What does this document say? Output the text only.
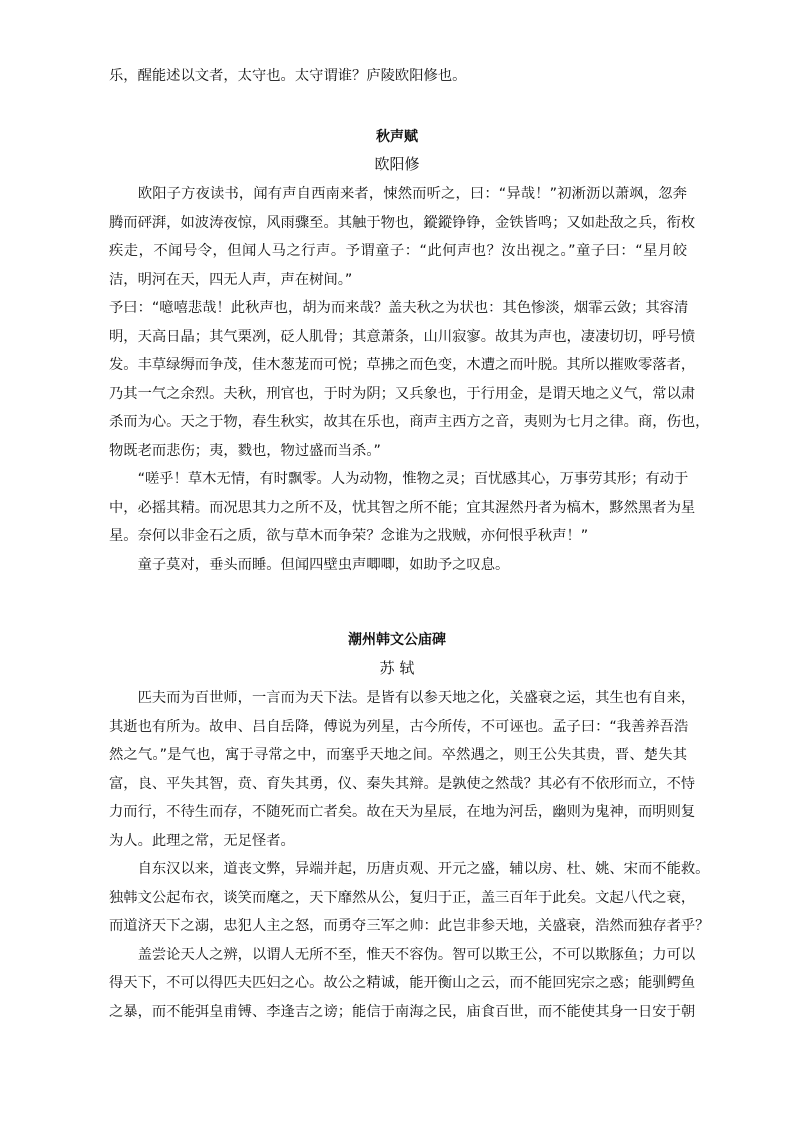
乐，醒能述以文者，太守也。太守谓谁？庐陵欧阳修也。
秋声赋
欧阳修
　　欧阳子方夜读书，闻有声自西南来者，悚然而听之，曰：“异哉！”初淅沥以萧飒，忽奔
腾而砰湃，如波涛夜惊，风雨骤至。其触于物也，鏦鏦铮铮，金铁皆鸣；又如赴敌之兵，衔枚
疾走，不闻号令，但闻人马之行声。予谓童子：“此何声也？汝出视之。”童子曰：“星月皎
洁，明河在天，四无人声，声在树间。”
予曰：“噫嘻悲哉！此秋声也，胡为而来哉？盖夫秋之为状也：其色惨淡，烟霏云敛；其容清
明，天高日晶；其气栗冽，砭人肌骨；其意萧条，山川寂寥。故其为声也，凄凄切切，呼号愤
发。丰草绿缛而争茂，佳木葱茏而可悦；草拂之而色变，木遭之而叶脱。其所以摧败零落者，
乃其一气之余烈。夫秋，刑官也，于时为阴；又兵象也，于行用金，是谓天地之义气，常以肃
杀而为心。天之于物，春生秋实，故其在乐也，商声主西方之音，夷则为七月之律。商，伤也，
物既老而悲伤；夷，戮也，物过盛而当杀。”
　　“嗟乎！草木无情，有时飘零。人为动物，惟物之灵；百忧感其心，万事劳其形；有动于
中，必摇其精。而况思其力之所不及，忧其智之所不能；宜其渥然丹者为槁木，黟然黑者为星
星。奈何以非金石之质，欲与草木而争荣？念谁为之戕贼，亦何恨乎秋声！”
　　童子莫对，垂头而睡。但闻四壁虫声唧唧，如助予之叹息。
潮州韩文公庙碑
苏 轼
　　匹夫而为百世师，一言而为天下法。是皆有以参天地之化，关盛衰之运，其生也有自来，
其逝也有所为。故申、吕自岳降，傅说为列星，古今所传，不可诬也。孟子曰：“我善养吾浩
然之气。”是气也，寓于寻常之中，而塞乎天地之间。卒然遇之，则王公失其贵，晋、楚失其
富，良、平失其智，贲、育失其勇，仪、秦失其辩。是孰使之然哉？其必有不依形而立，不恃
力而行，不待生而存，不随死而亡者矣。故在天为星辰，在地为河岳，幽则为鬼神，而明则复
为人。此理之常，无足怪者。
　　自东汉以来，道丧文弊，异端并起，历唐贞观、开元之盛，辅以房、杜、姚、宋而不能救。
独韩文公起布衣，谈笑而麾之，天下靡然从公，复归于正，盖三百年于此矣。文起八代之衰，
而道济天下之溺，忠犯人主之怒，而勇夺三军之帅：此岂非参天地，关盛衰，浩然而独存者乎？
　　盖尝论天人之辨，以谓人无所不至，惟天不容伪。智可以欺王公，不可以欺豚鱼；力可以
得天下，不可以得匹夫匹妇之心。故公之精诚，能开衡山之云，而不能回宪宗之惑；能驯鳄鱼
之暴，而不能弭皇甫镈、李逢吉之谤；能信于南海之民，庙食百世，而不能使其身一日安于朝
